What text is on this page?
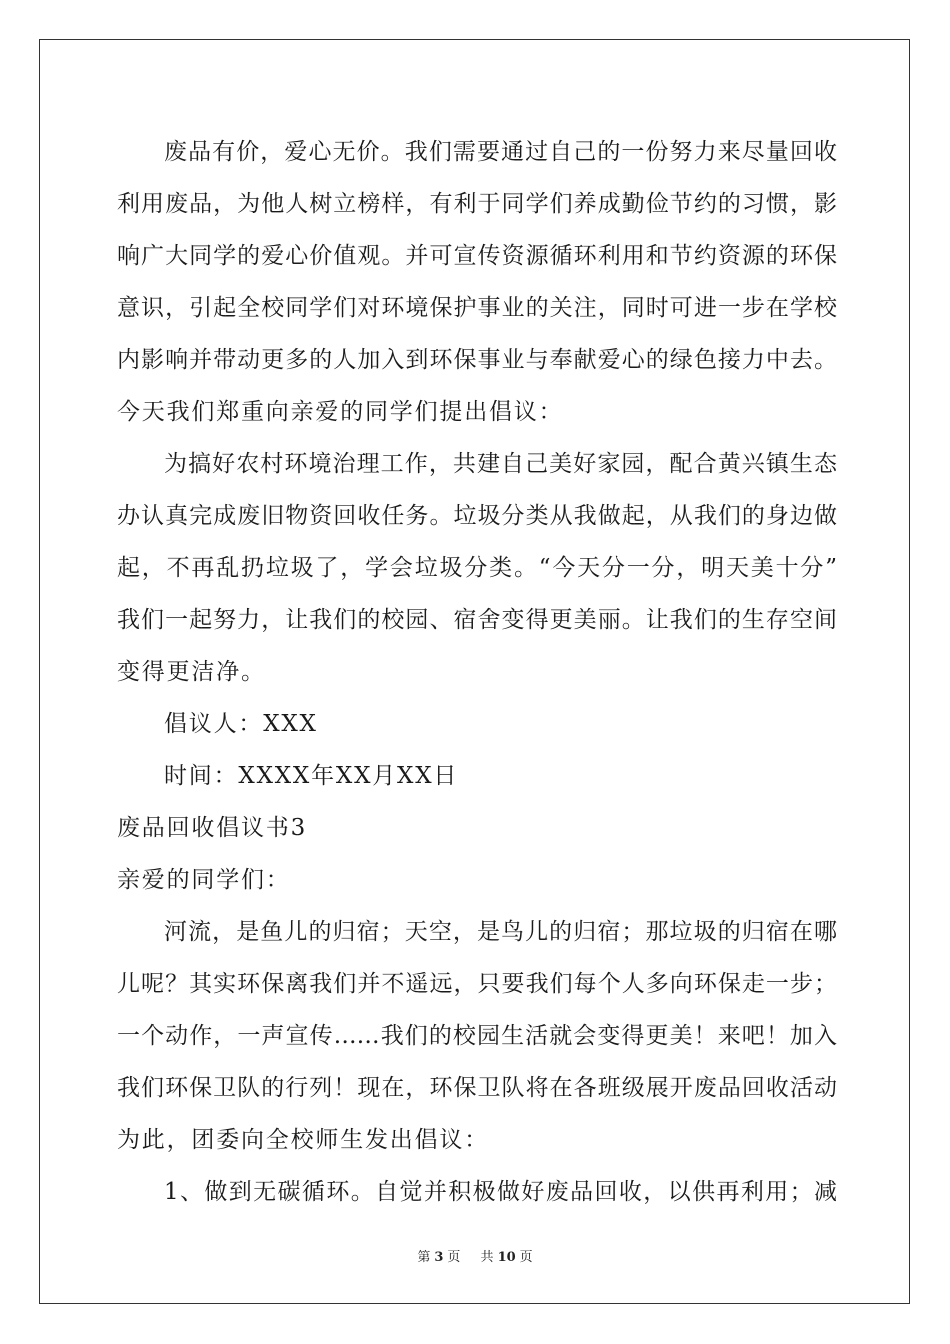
废品有价，爱心无价。我们需要通过自己的一份努力来尽量回收
利用废品，为他人树立榜样，有利于同学们养成勤俭节约的习惯，影
响广大同学的爱心价值观。并可宣传资源循环利用和节约资源的环保
意识，引起全校同学们对环境保护事业的关注，同时可进一步在学校
内影响并带动更多的人加入到环保事业与奉献爱心的绿色接力中去。
今天我们郑重向亲爱的同学们提出倡议：
为搞好农村环境治理工作，共建自己美好家园，配合黄兴镇生态
办认真完成废旧物资回收任务。垃圾分类从我做起，从我们的身边做
起，不再乱扔垃圾了，学会垃圾分类。“今天分一分，明天美十分”
我们一起努力，让我们的校园、宿舍变得更美丽。让我们的生存空间
变得更洁净。
倡议人：XXX
时间：XXXX年XX月XX日
废品回收倡议书3
亲爱的同学们：
河流，是鱼儿的归宿；天空，是鸟儿的归宿；那垃圾的归宿在哪
儿呢？其实环保离我们并不遥远，只要我们每个人多向环保走一步；
一个动作，一声宣传……我们的校园生活就会变得更美！来吧！加入
我们环保卫队的行列！现在，环保卫队将在各班级展开废品回收活动
为此，团委向全校师生发出倡议：
1、做到无碳循环。自觉并积极做好废品回收，以供再利用；减
第 3 页 共 10 页
